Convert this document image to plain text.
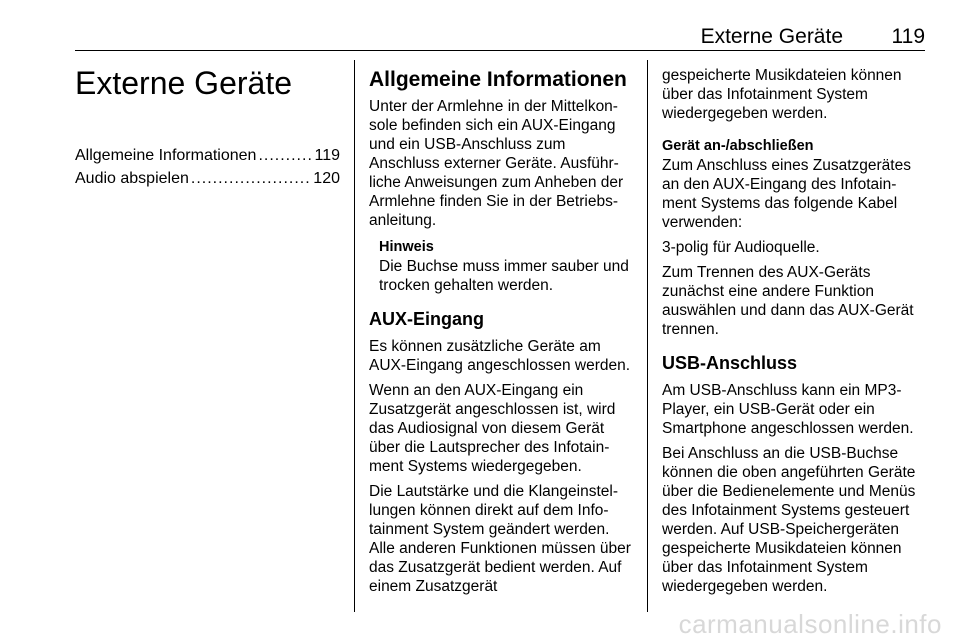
Externe Geräte 119
Externe Geräte
Allgemeine Informationen .....	119
Audio abspielen .....	120
Allgemeine Informationen

Unter der Armlehne in der Mittelkon-sole befinden sich ein AUX-Eingang und ein USB-Anschluss zum Anschluss externer Geräte. Ausführ-liche Anweisungen zum Anheben der Armlehne finden Sie in der Betriebs-anleitung.

Hinweis

Die Buchse muss immer sauber und trocken gehalten werden.

AUX-Eingang

Es können zusätzliche Geräte am AUX-Eingang angeschlossen werden.

Wenn an den AUX-Eingang ein Zusatzgerät angeschlossen ist, wird das Audiosignal von diesem Gerät über die Lautsprecher des Infotain-ment Systems wiedergegeben.

Die Lautstärke und die Klangeinstel-lungen können direkt auf dem Info-tainment System geändert werden. Alle anderen Funktionen müssen über das Zusatzgerät bedient werden. Auf einem Zusatzgerät

gespeicherte Musikdateien können über das Infotainment System wiedergegeben werden.

Gerät an-/abschließen

Zum Anschluss eines Zusatzgerätes an den AUX-Eingang des Infotain-ment Systems das folgende Kabel verwenden:

3-polig für Audioquelle.

Zum Trennen des AUX-Geräts zunächst eine andere Funktion auswählen und dann das AUX-Gerät trennen.

USB-Anschluss

Am USB-Anschluss kann ein MP3-Player, ein USB-Gerät oder ein Smartphone angeschlossen werden.

Bei Anschluss an die USB-Buchse können die oben angeführten Geräte über die Bedienelemente und Menüs des Infotainment Systems gesteuert werden. Auf USB-Speichergeräten gespeicherte Musikdateien können über das Infotainment System wiedergegeben werden.

carmanualsonline.info
